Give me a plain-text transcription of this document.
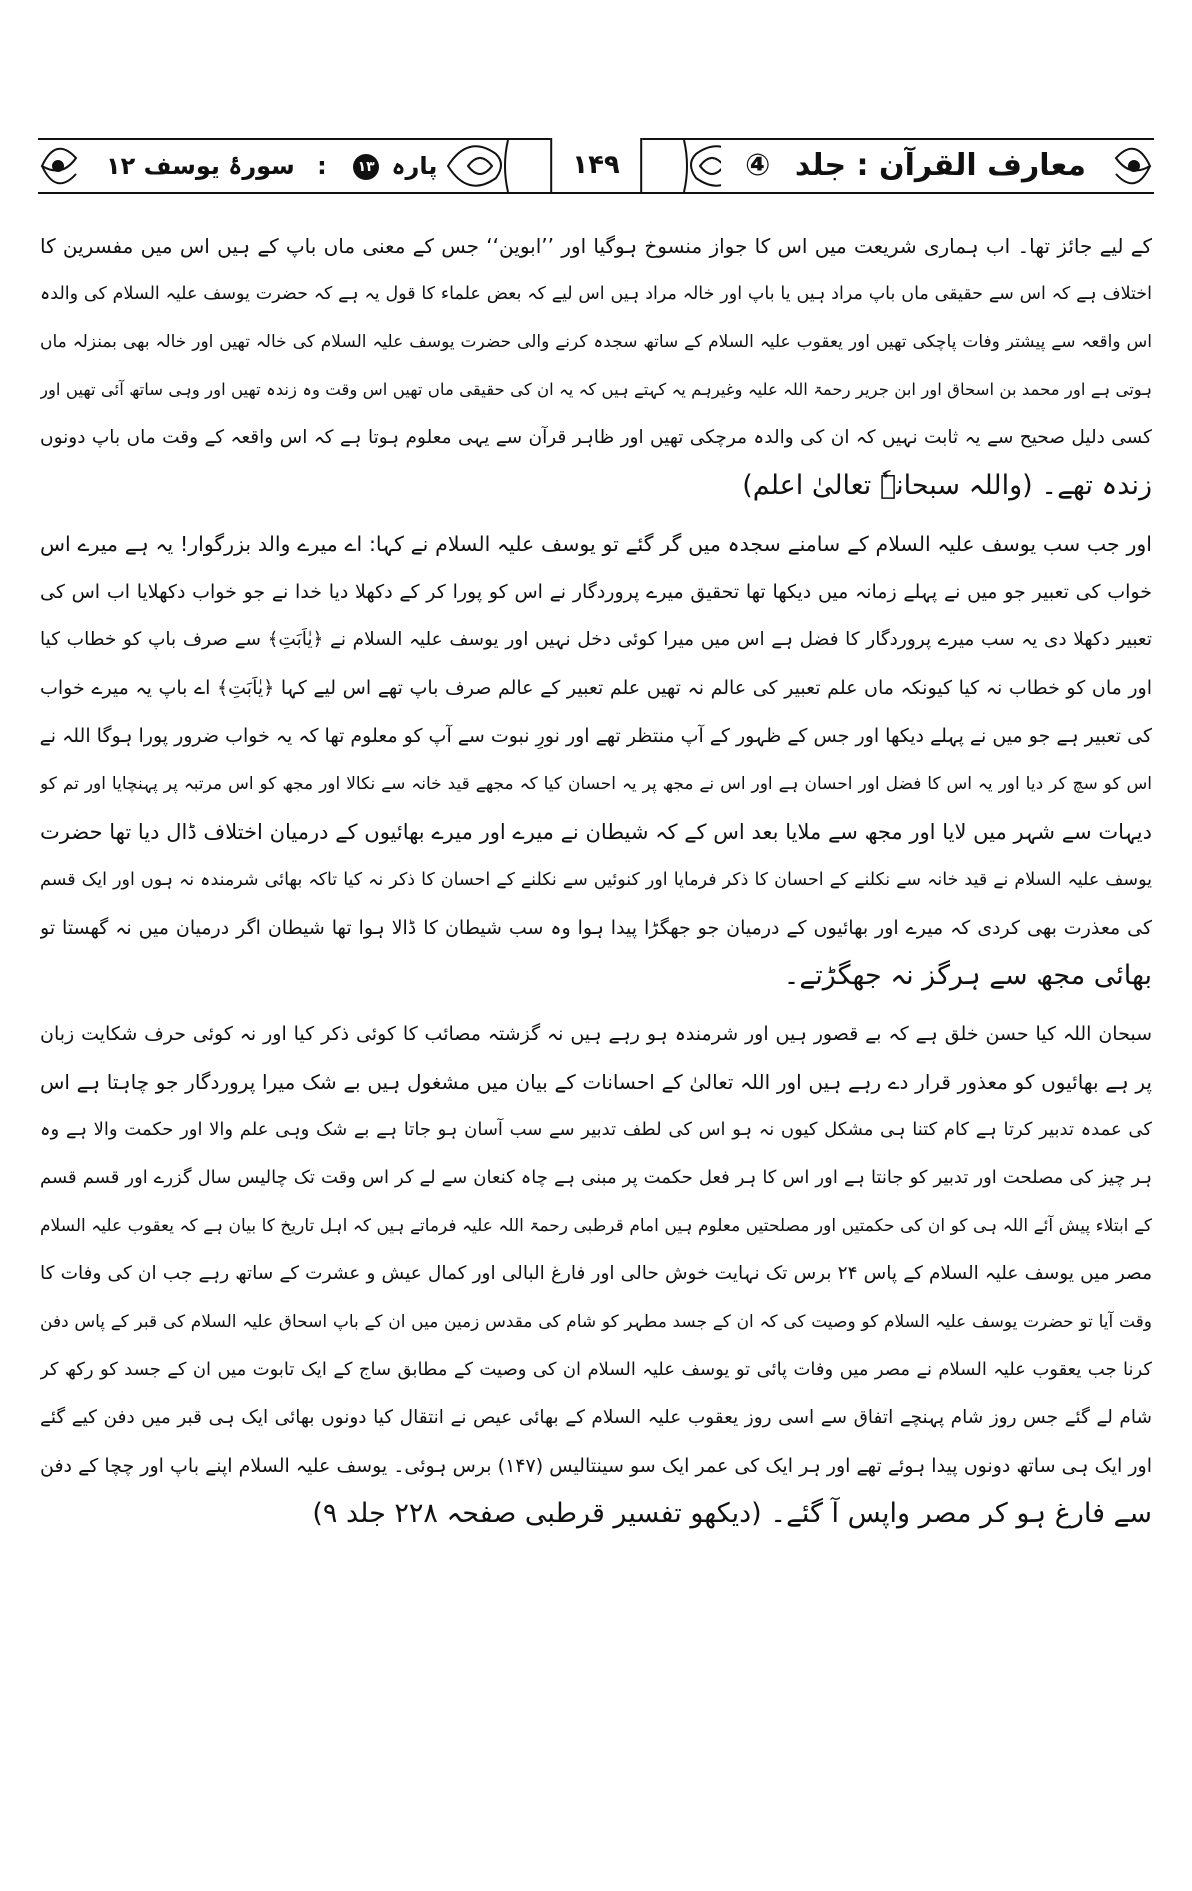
معارف القرآن : جلد ④
۱۴۹
پارہ ۱۳ : سورۂ یوسف ۱۲
کے لیے جائز تھا۔ اب ہماری شریعت میں اس کا جواز منسوخ ہوگیا اور ’’ابوین‘‘ جس کے معنی ماں باپ کے ہیں اس میں مفسرین کا
اختلاف ہے کہ اس سے حقیقی ماں باپ مراد ہیں یا باپ اور خالہ مراد ہیں اس لیے کہ بعض علماء کا قول یہ ہے کہ حضرت یوسف علیہ السلام کی والدہ
اس واقعہ سے پیشتر وفات پاچکی تھیں اور یعقوب علیہ السلام کے ساتھ سجدہ کرنے والی حضرت یوسف علیہ السلام کی خالہ تھیں اور خالہ بھی بمنزلہ ماں
ہوتی ہے اور محمد بن اسحاق اور ابن جریر رحمۃ اللہ علیہ وغیرہم یہ کہتے ہیں کہ یہ ان کی حقیقی ماں تھیں اس وقت وہ زندہ تھیں اور وہی ساتھ آئی تھیں اور
کسی دلیل صحیح سے یہ ثابت نہیں کہ ان کی والدہ مرچکی تھیں اور ظاہر قرآن سے یہی معلوم ہوتا ہے کہ اس واقعہ کے وقت ماں باپ دونوں
زندہ تھے۔ (واللہ سبحانہٗ تعالیٰ اعلم)
اور جب سب یوسف علیہ السلام کے سامنے سجدہ میں گر گئے تو یوسف علیہ السلام نے کہا: اے میرے والد بزرگوار! یہ ہے میرے اس
خواب کی تعبیر جو میں نے پہلے زمانہ میں دیکھا تھا تحقیق میرے پروردگار نے اس کو پورا کر کے دکھلا دیا خدا نے جو خواب دکھلایا اب اس کی
تعبیر دکھلا دی یہ سب میرے پروردگار کا فضل ہے اس میں میرا کوئی دخل نہیں اور یوسف علیہ السلام نے ﴿یٰاَبَتِ﴾ سے صرف باپ کو خطاب کیا
اور ماں کو خطاب نہ کیا کیونکہ ماں علم تعبیر کی عالم نہ تھیں علم تعبیر کے عالم صرف باپ تھے اس لیے کہا ﴿یٰاَبَتِ﴾ اے باپ یہ میرے خواب
کی تعبیر ہے جو میں نے پہلے دیکھا اور جس کے ظہور کے آپ منتظر تھے اور نورِ نبوت سے آپ کو معلوم تھا کہ یہ خواب ضرور پورا ہوگا اللہ نے
اس کو سچ کر دیا اور یہ اس کا فضل اور احسان ہے اور اس نے مجھ پر یہ احسان کیا کہ مجھے قید خانہ سے نکالا اور مجھ کو اس مرتبہ پر پہنچایا اور تم کو
دیہات سے شہر میں لایا اور مجھ سے ملایا بعد اس کے کہ شیطان نے میرے اور میرے بھائیوں کے درمیان اختلاف ڈال دیا تھا حضرت
یوسف علیہ السلام نے قید خانہ سے نکلنے کے احسان کا ذکر فرمایا اور کنوئیں سے نکلنے کے احسان کا ذکر نہ کیا تاکہ بھائی شرمندہ نہ ہوں اور ایک قسم
کی معذرت بھی کردی کہ میرے اور بھائیوں کے درمیان جو جھگڑا پیدا ہوا وہ سب شیطان کا ڈالا ہوا تھا شیطان اگر درمیان میں نہ گھستا تو
بھائی مجھ سے ہرگز نہ جھگڑتے۔
سبحان اللہ کیا حسن خلق ہے کہ بے قصور ہیں اور شرمندہ ہو رہے ہیں نہ گزشتہ مصائب کا کوئی ذکر کیا اور نہ کوئی حرف شکایت زبان
پر ہے بھائیوں کو معذور قرار دے رہے ہیں اور اللہ تعالیٰ کے احسانات کے بیان میں مشغول ہیں بے شک میرا پروردگار جو چاہتا ہے اس
کی عمدہ تدبیر کرتا ہے کام کتنا ہی مشکل کیوں نہ ہو اس کی لطف تدبیر سے سب آسان ہو جاتا ہے بے شک وہی علم والا اور حکمت والا ہے وہ
ہر چیز کی مصلحت اور تدبیر کو جانتا ہے اور اس کا ہر فعل حکمت پر مبنی ہے چاہ کنعان سے لے کر اس وقت تک چالیس سال گزرے اور قسم قسم
کے ابتلاء پیش آئے اللہ ہی کو ان کی حکمتیں اور مصلحتیں معلوم ہیں امام قرطبی رحمۃ اللہ علیہ فرماتے ہیں کہ اہل تاریخ کا بیان ہے کہ یعقوب علیہ السلام
مصر میں یوسف علیہ السلام کے پاس ۲۴ برس تک نہایت خوش حالی اور فارغ البالی اور کمال عیش و عشرت کے ساتھ رہے جب ان کی وفات کا
وقت آیا تو حضرت یوسف علیہ السلام کو وصیت کی کہ ان کے جسد مطہر کو شام کی مقدس زمین میں ان کے باپ اسحاق علیہ السلام کی قبر کے پاس دفن
کرنا جب یعقوب علیہ السلام نے مصر میں وفات پائی تو یوسف علیہ السلام ان کی وصیت کے مطابق ساج کے ایک تابوت میں ان کے جسد کو رکھ کر
شام لے گئے جس روز شام پہنچے اتفاق سے اسی روز یعقوب علیہ السلام کے بھائی عیص نے انتقال کیا دونوں بھائی ایک ہی قبر میں دفن کیے گئے
اور ایک ہی ساتھ دونوں پیدا ہوئے تھے اور ہر ایک کی عمر ایک سو سینتالیس (۱۴۷) برس ہوئی۔ یوسف علیہ السلام اپنے باپ اور چچا کے دفن
سے فارغ ہو کر مصر واپس آ گئے۔ (دیکھو تفسیر قرطبی صفحہ ۲۲۸ جلد ۹)
